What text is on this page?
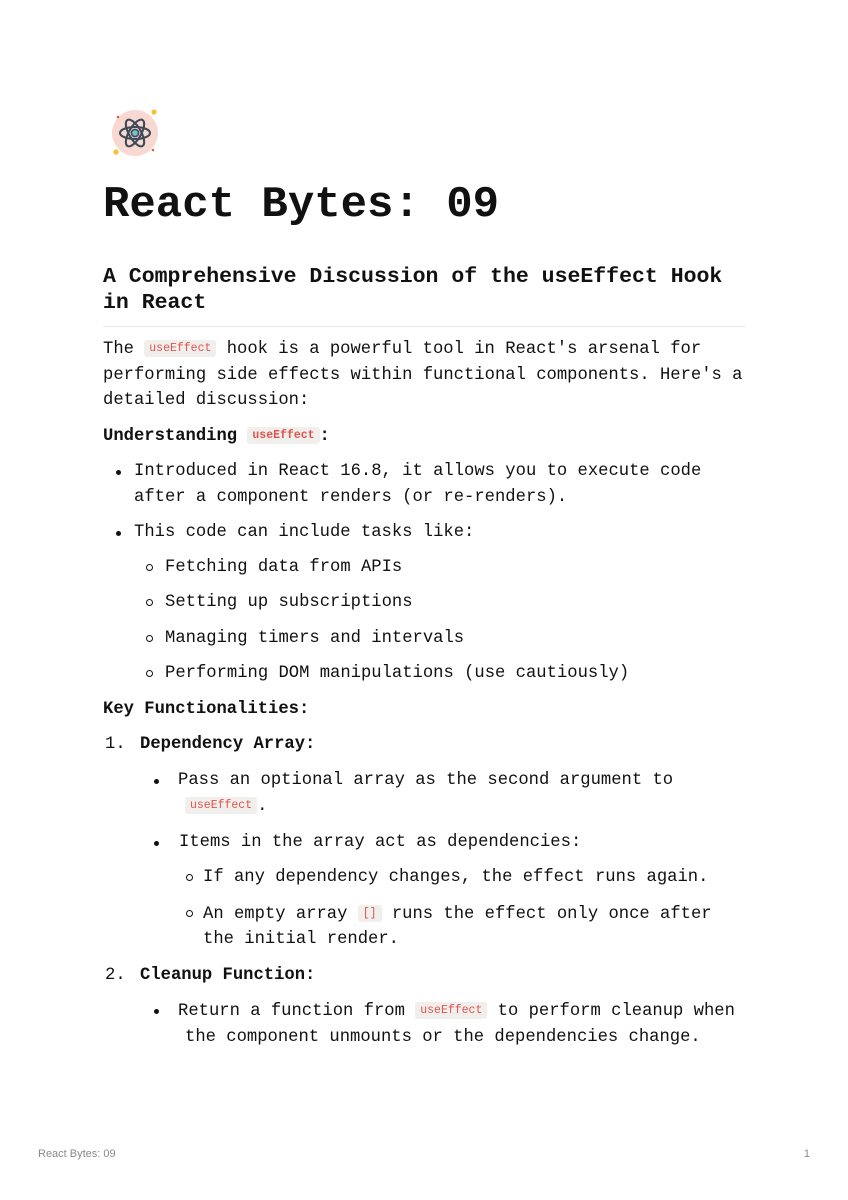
React Bytes: 09
A Comprehensive Discussion of the useEffect Hook in React

The useEffect hook is a powerful tool in React's arsenal for performing side effects within functional components. Here's a detailed discussion:

Understanding useEffect :

Introduced in React 16.8, it allows you to execute code after a component renders (or re-renders).
This code can include tasks like:
Fetching data from APIs
Setting up subscriptions
Managing timers and intervals
Performing DOM manipulations (use cautiously)

Key Functionalities:

1. Dependency Array:
Pass an optional array as the second argument to useEffect .
Items in the array act as dependencies:
If any dependency changes, the effect runs again.
An empty array [] runs the effect only once after the initial render.
2. Cleanup Function:
Return a function from useEffect to perform cleanup when the component unmounts or the dependencies change.
React Bytes: 09	1
